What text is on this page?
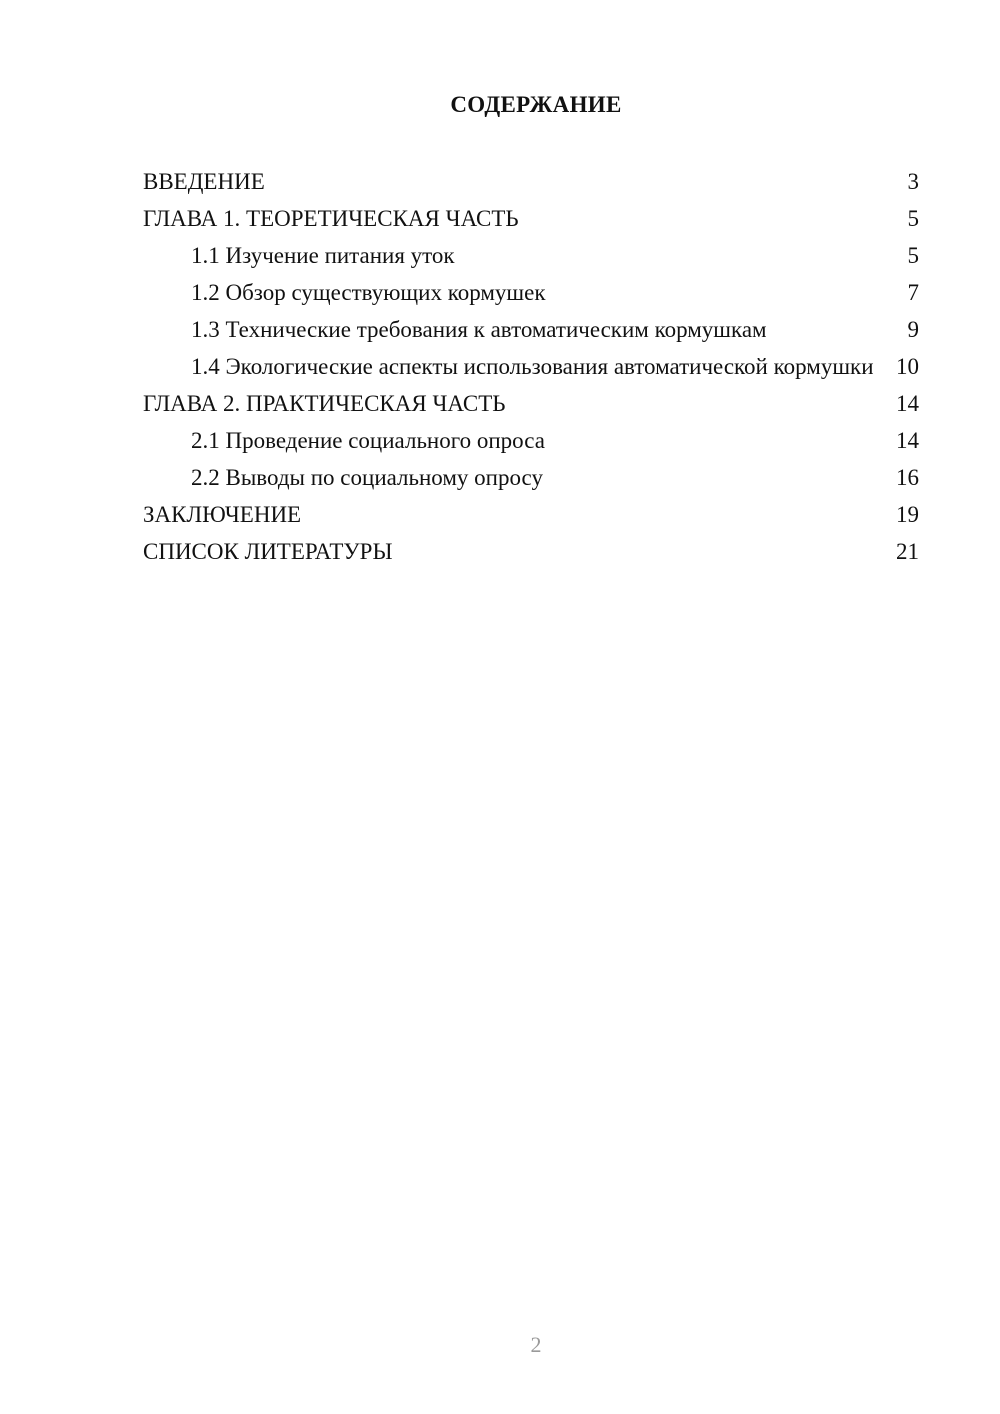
СОДЕРЖАНИЕ
ВВЕДЕНИЕ	3
ГЛАВА 1. ТЕОРЕТИЧЕСКАЯ ЧАСТЬ	5
1.1 Изучение питания уток	5
1.2 Обзор существующих кормушек	7
1.3 Технические требования к автоматическим кормушкам	9
1.4 Экологические аспекты использования автоматической кормушки 10
ГЛАВА 2. ПРАКТИЧЕСКАЯ ЧАСТЬ	14
2.1 Проведение социального опроса	14
2.2 Выводы по социальному опросу	16
ЗАКЛЮЧЕНИЕ	19
СПИСОК ЛИТЕРАТУРЫ	21
2
